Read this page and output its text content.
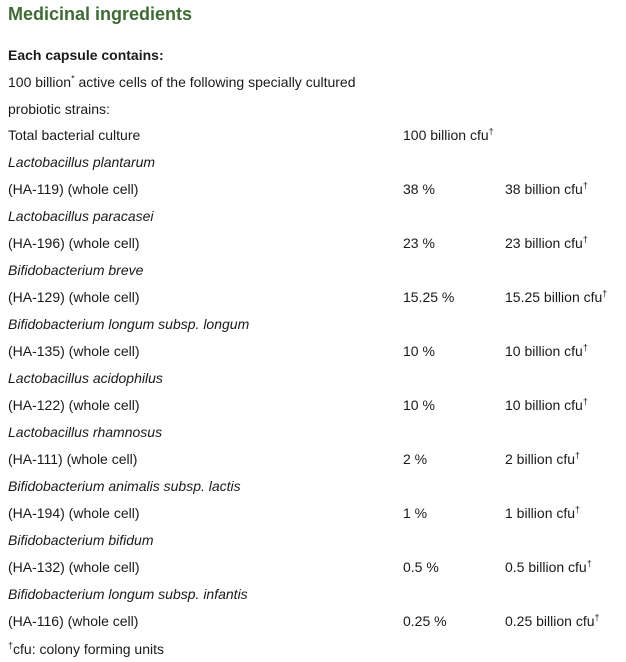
Medicinal ingredients
Each capsule contains:
100 billion* active cells of the following specially cultured
probiotic strains:
Total bacterial culture	100 billion cfu†
Lactobacillus plantarum
(HA-119) (whole cell)	38 %	38 billion cfu†
Lactobacillus paracasei
(HA-196) (whole cell)	23 %	23 billion cfu†
Bifidobacterium breve
(HA-129) (whole cell)	15.25 %	15.25 billion cfu†
Bifidobacterium longum subsp. longum
(HA-135) (whole cell)	10 %	10 billion cfu†
Lactobacillus acidophilus
(HA-122) (whole cell)	10 %	10 billion cfu†
Lactobacillus rhamnosus
(HA-111) (whole cell)	2 %	2 billion cfu†
Bifidobacterium animalis subsp. lactis
(HA-194) (whole cell)	1 %	1 billion cfu†
Bifidobacterium bifidum
(HA-132) (whole cell)	0.5 %	0.5 billion cfu†
Bifidobacterium longum subsp. infantis
(HA-116) (whole cell)	0.25 %	0.25 billion cfu†
†cfu: colony forming units
